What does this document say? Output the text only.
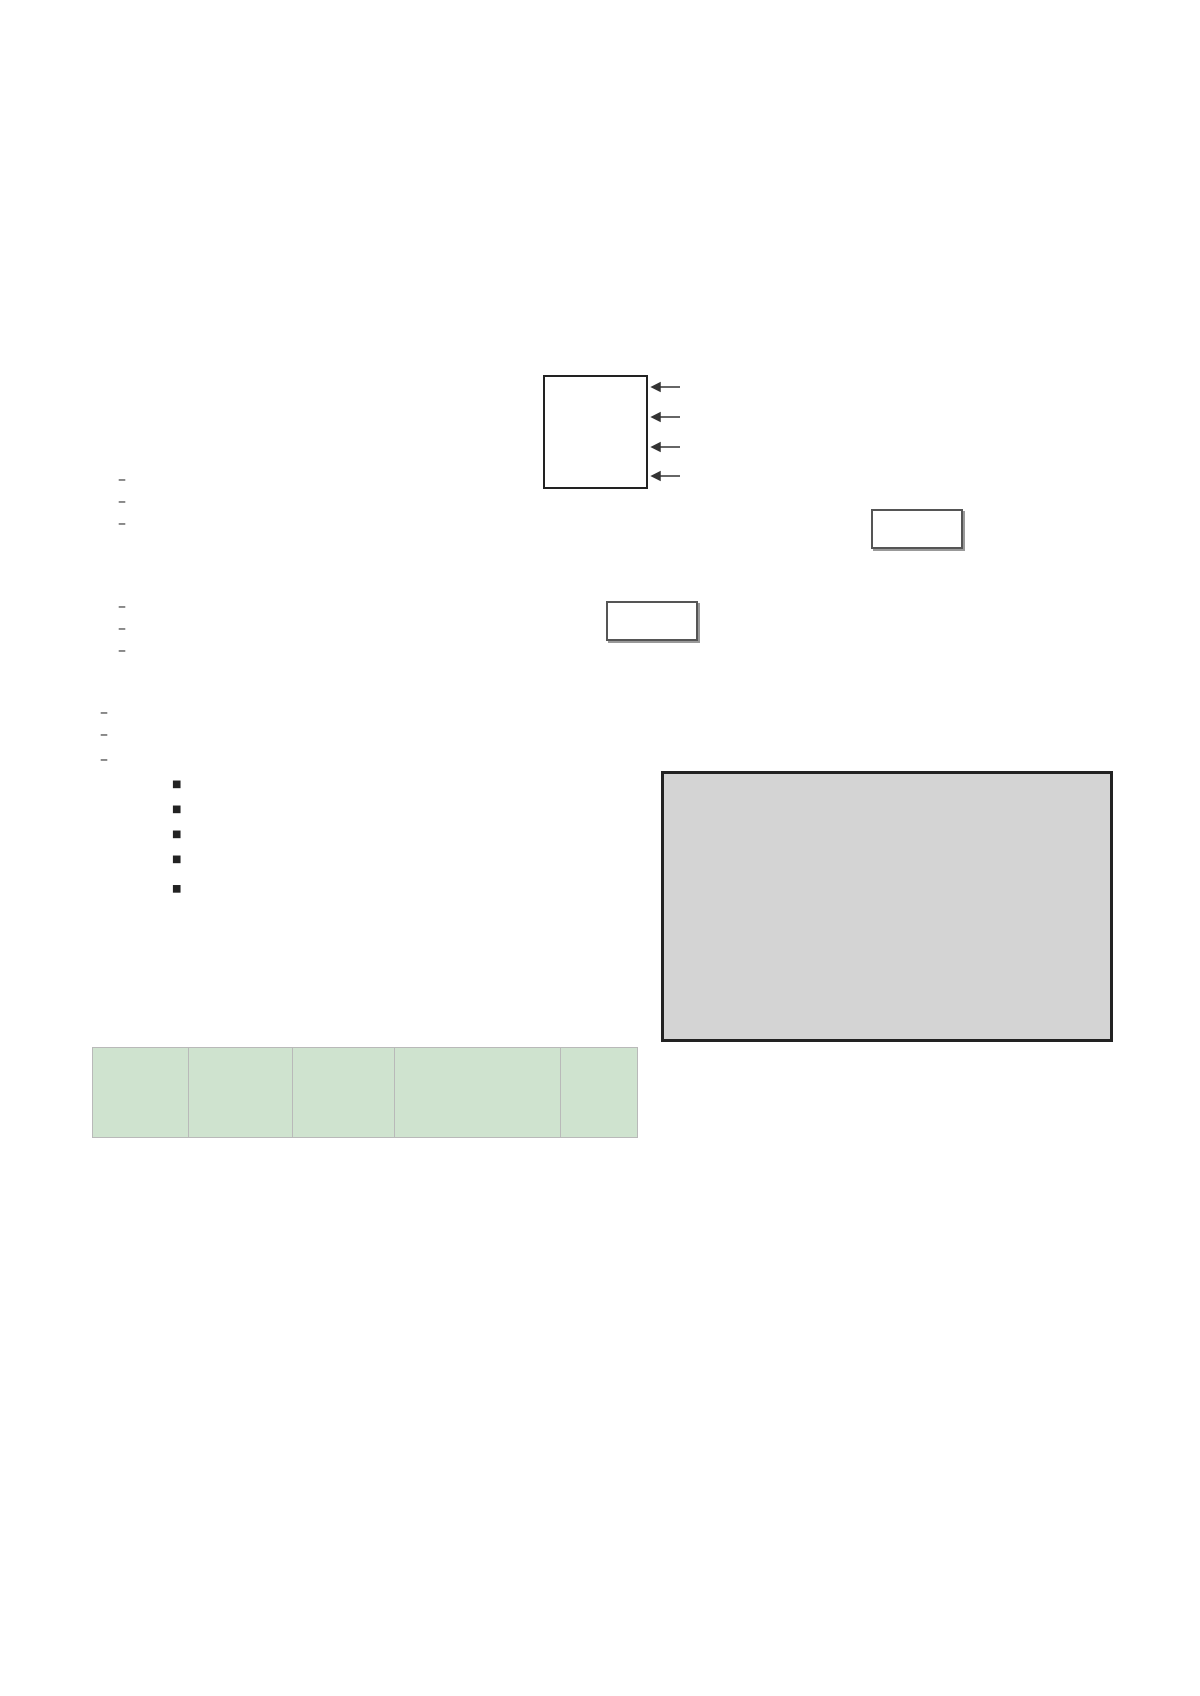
–
–
–
–
–
–
–
–
–
■
■
■
■
■
